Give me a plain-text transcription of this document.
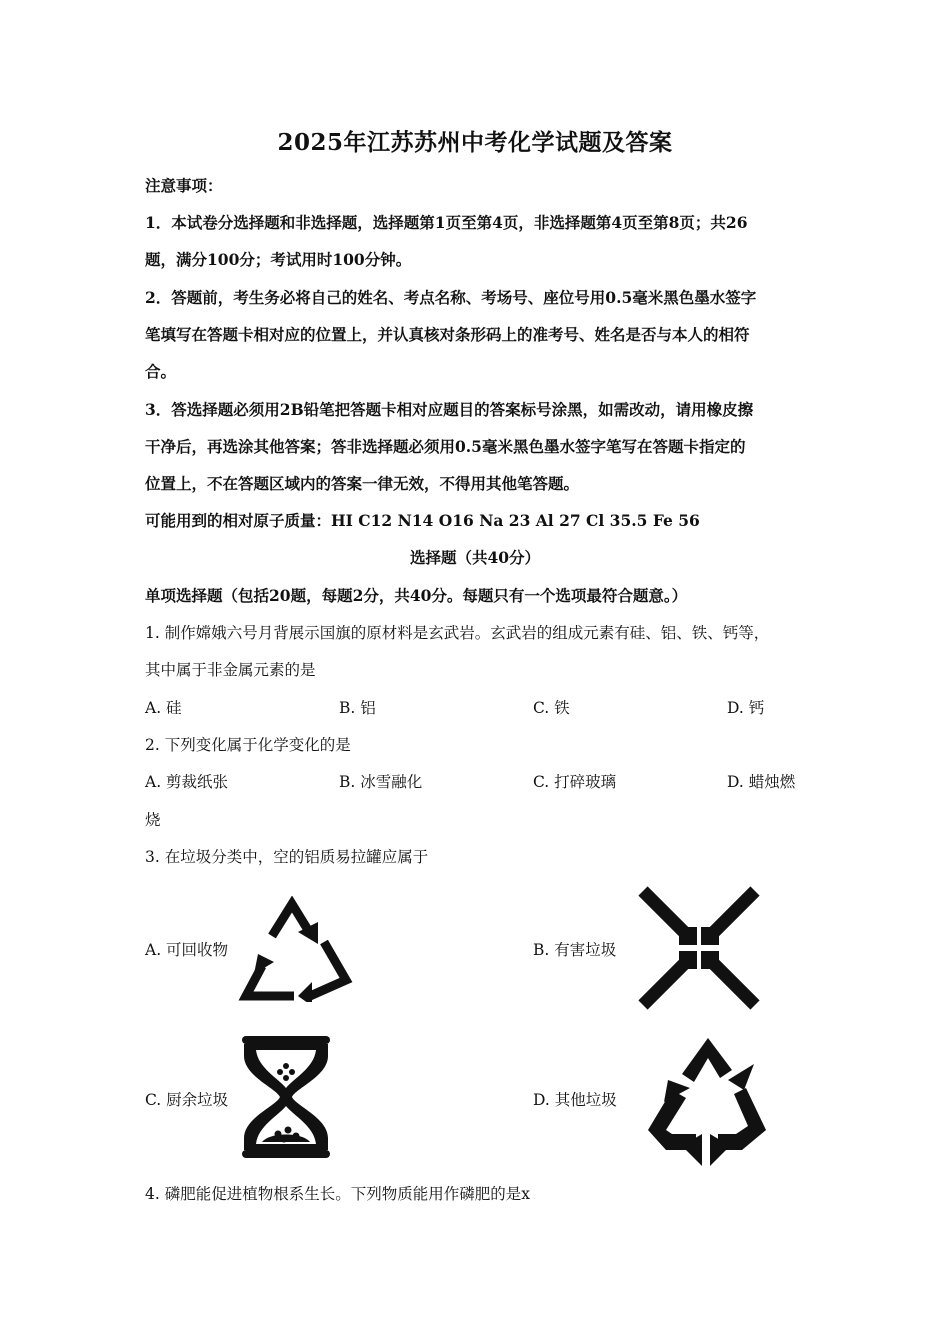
2025年江苏苏州中考化学试题及答案
注意事项：
1．本试卷分选择题和非选择题，选择题第1页至第4页，非选择题第4页至第8页；共26
题，满分100分；考试用时100分钟。
2．答题前，考生务必将自己的姓名、考点名称、考场号、座位号用0.5毫米黑色墨水签字
笔填写在答题卡相对应的位置上，并认真核对条形码上的准考号、姓名是否与本人的相符
合。
3．答选择题必须用2B铅笔把答题卡相对应题目的答案标号涂黑，如需改动，请用橡皮擦
干净后，再选涂其他答案；答非选择题必须用0.5毫米黑色墨水签字笔写在答题卡指定的
位置上，不在答题区域内的答案一律无效，不得用其他笔答题。
可能用到的相对原子质量：HI C12 N14 O16 Na 23 Al 27 Cl 35.5 Fe 56
选择题（共40分）
单项选择题（包括20题，每题2分，共40分。每题只有一个选项最符合题意。）
1. 制作嫦娥六号月背展示国旗的原材料是玄武岩。玄武岩的组成元素有硅、铝、铁、钙等，
其中属于非金属元素的是
A. 硅	B. 铝	C. 铁	D. 钙
2. 下列变化属于化学变化的是
A. 剪裁纸张	B. 冰雪融化	C. 打碎玻璃	D. 蜡烛燃
烧
3. 在垃圾分类中，空的铝质易拉罐应属于
A. 可回收物	B. 有害垃圾
C. 厨余垃圾	D. 其他垃圾
4. 磷肥能促进植物根系生长。下列物质能用作磷肥的是x
